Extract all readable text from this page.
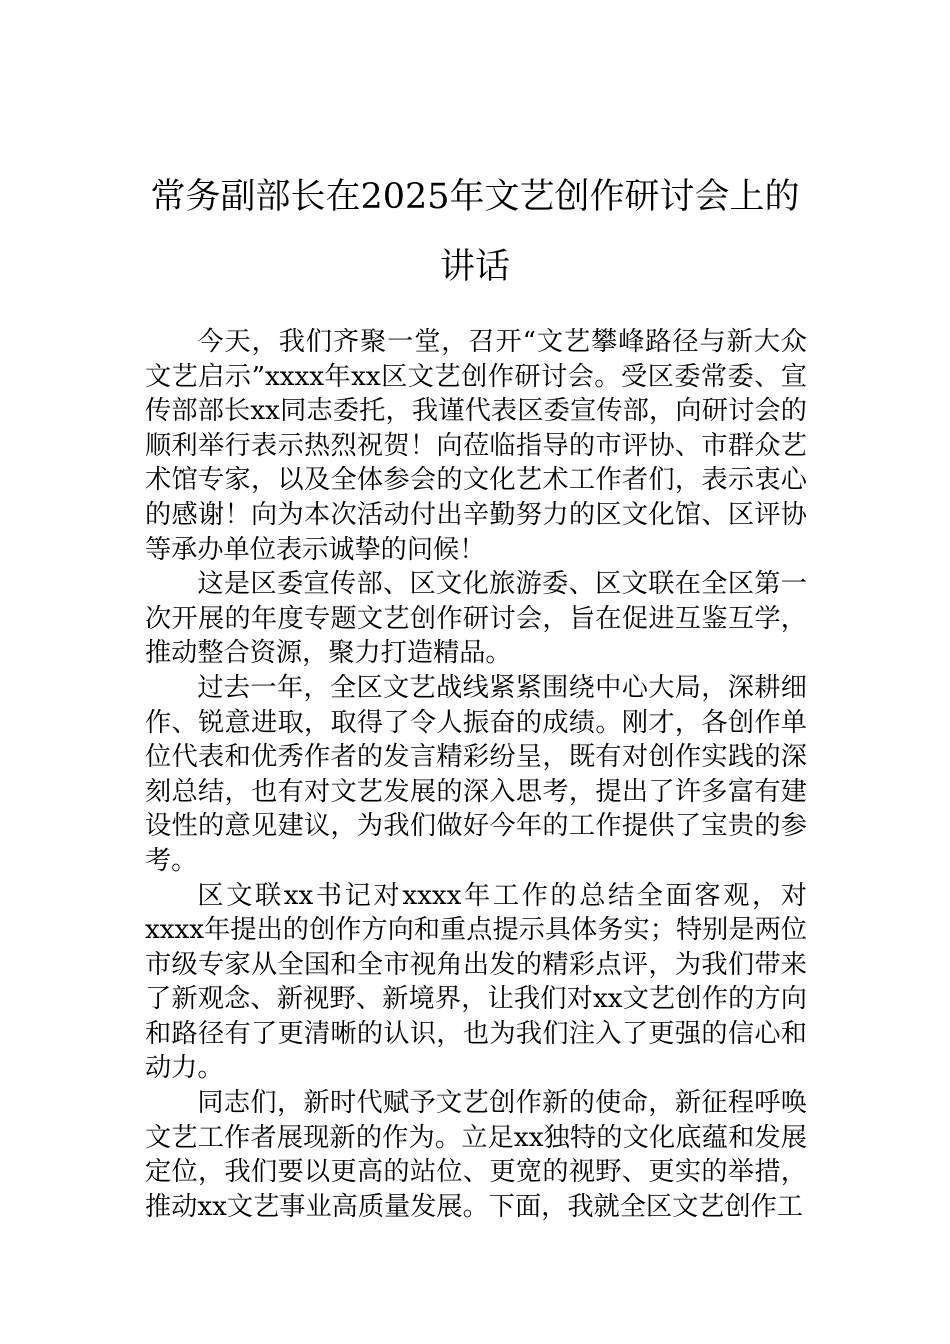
常务副部长在2025年文艺创作研讨会上的讲话

今天，我们齐聚一堂，召开“文艺攀峰路径与新大众文艺启示”xxxx年xx区文艺创作研讨会。受区委常委、宣传部部长xx同志委托，我谨代表区委宣传部，向研讨会的顺利举行表示热烈祝贺！向莅临指导的市评协、市群众艺术馆专家，以及全体参会的文化艺术工作者们，表示衷心的感谢！向为本次活动付出辛勤努力的区文化馆、区评协等承办单位表示诚挚的问候！

这是区委宣传部、区文化旅游委、区文联在全区第一次开展的年度专题文艺创作研讨会，旨在促进互鉴互学，推动整合资源，聚力打造精品。

过去一年，全区文艺战线紧紧围绕中心大局，深耕细作、锐意进取，取得了令人振奋的成绩。刚才，各创作单位代表和优秀作者的发言精彩纷呈，既有对创作实践的深刻总结，也有对文艺发展的深入思考，提出了许多富有建设性的意见建议，为我们做好今年的工作提供了宝贵的参考。

区文联xx书记对xxxx年工作的总结全面客观，对xxxx年提出的创作方向和重点提示具体务实；特别是两位市级专家从全国和全市视角出发的精彩点评，为我们带来了新观念、新视野、新境界，让我们对xx文艺创作的方向和路径有了更清晰的认识，也为我们注入了更强的信心和动力。

同志们，新时代赋予文艺创作新的使命，新征程呼唤文艺工作者展现新的作为。立足xx独特的文化底蕴和发展定位，我们要以更高的站位、更宽的视野、更实的举措，推动xx文艺事业高质量发展。下面，我就全区文艺创作工
